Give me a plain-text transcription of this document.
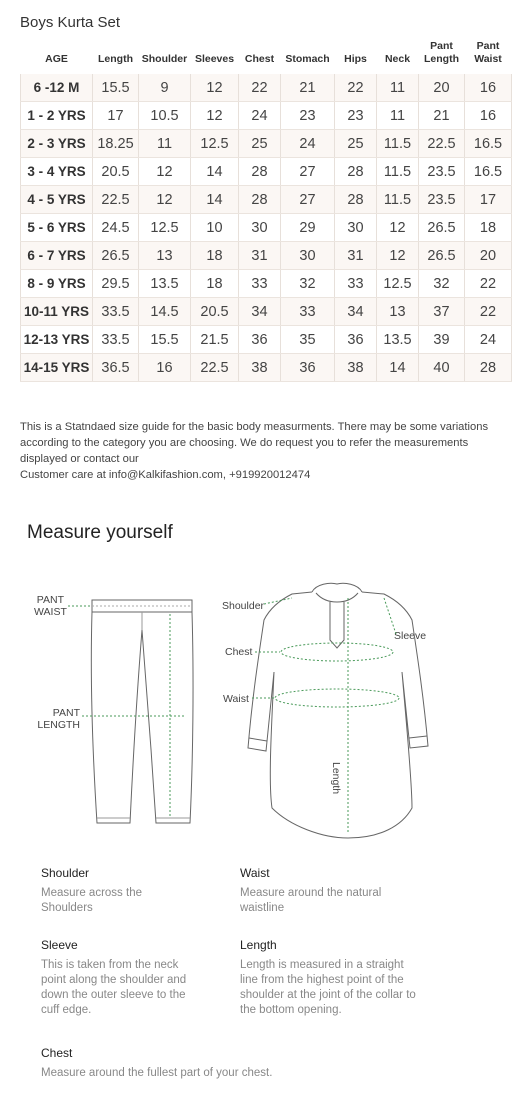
Boys Kurta Set
AGE	Length	Shoulder	Sleeves	Chest	Stomach	Hips	Neck	Pant Length	Pant Waist
6 -12 M	15.5	9	12	22	21	22	11	20	16
1 - 2 YRS	17	10.5	12	24	23	23	11	21	16
2 - 3 YRS	18.25	11	12.5	25	24	25	11.5	22.5	16.5
3 - 4 YRS	20.5	12	14	28	27	28	11.5	23.5	16.5
4 - 5 YRS	22.5	12	14	28	27	28	11.5	23.5	17
5 - 6 YRS	24.5	12.5	10	30	29	30	12	26.5	18
6 - 7 YRS	26.5	13	18	31	30	31	12	26.5	20
8 - 9 YRS	29.5	13.5	18	33	32	33	12.5	32	22
10-11 YRS	33.5	14.5	20.5	34	33	34	13	37	22
12-13 YRS	33.5	15.5	21.5	36	35	36	13.5	39	24
14-15 YRS	36.5	16	22.5	38	36	38	14	40	28
This is a Statndaed size guide for the basic body measurments. There may be some variations according to the category you are choosing. We do request you to refer the measurements displayed or contact our
Customer care at info@Kalkifashion.com, +919920012474
Measure yourself
PANT
WAIST
PANT
LENGTH
Shoulder
Sleeve
Chest
Waist
Length
Shoulder
Measure across the Shoulders
Waist
Measure around the natural waistline
Sleeve
This is taken from the neck point along the shoulder and down the outer sleeve to the cuff edge.
Length
Length is measured in a straight line from the highest point of the shoulder at the joint of the collar to the bottom opening.
Chest
Measure around the fullest part of your chest.
